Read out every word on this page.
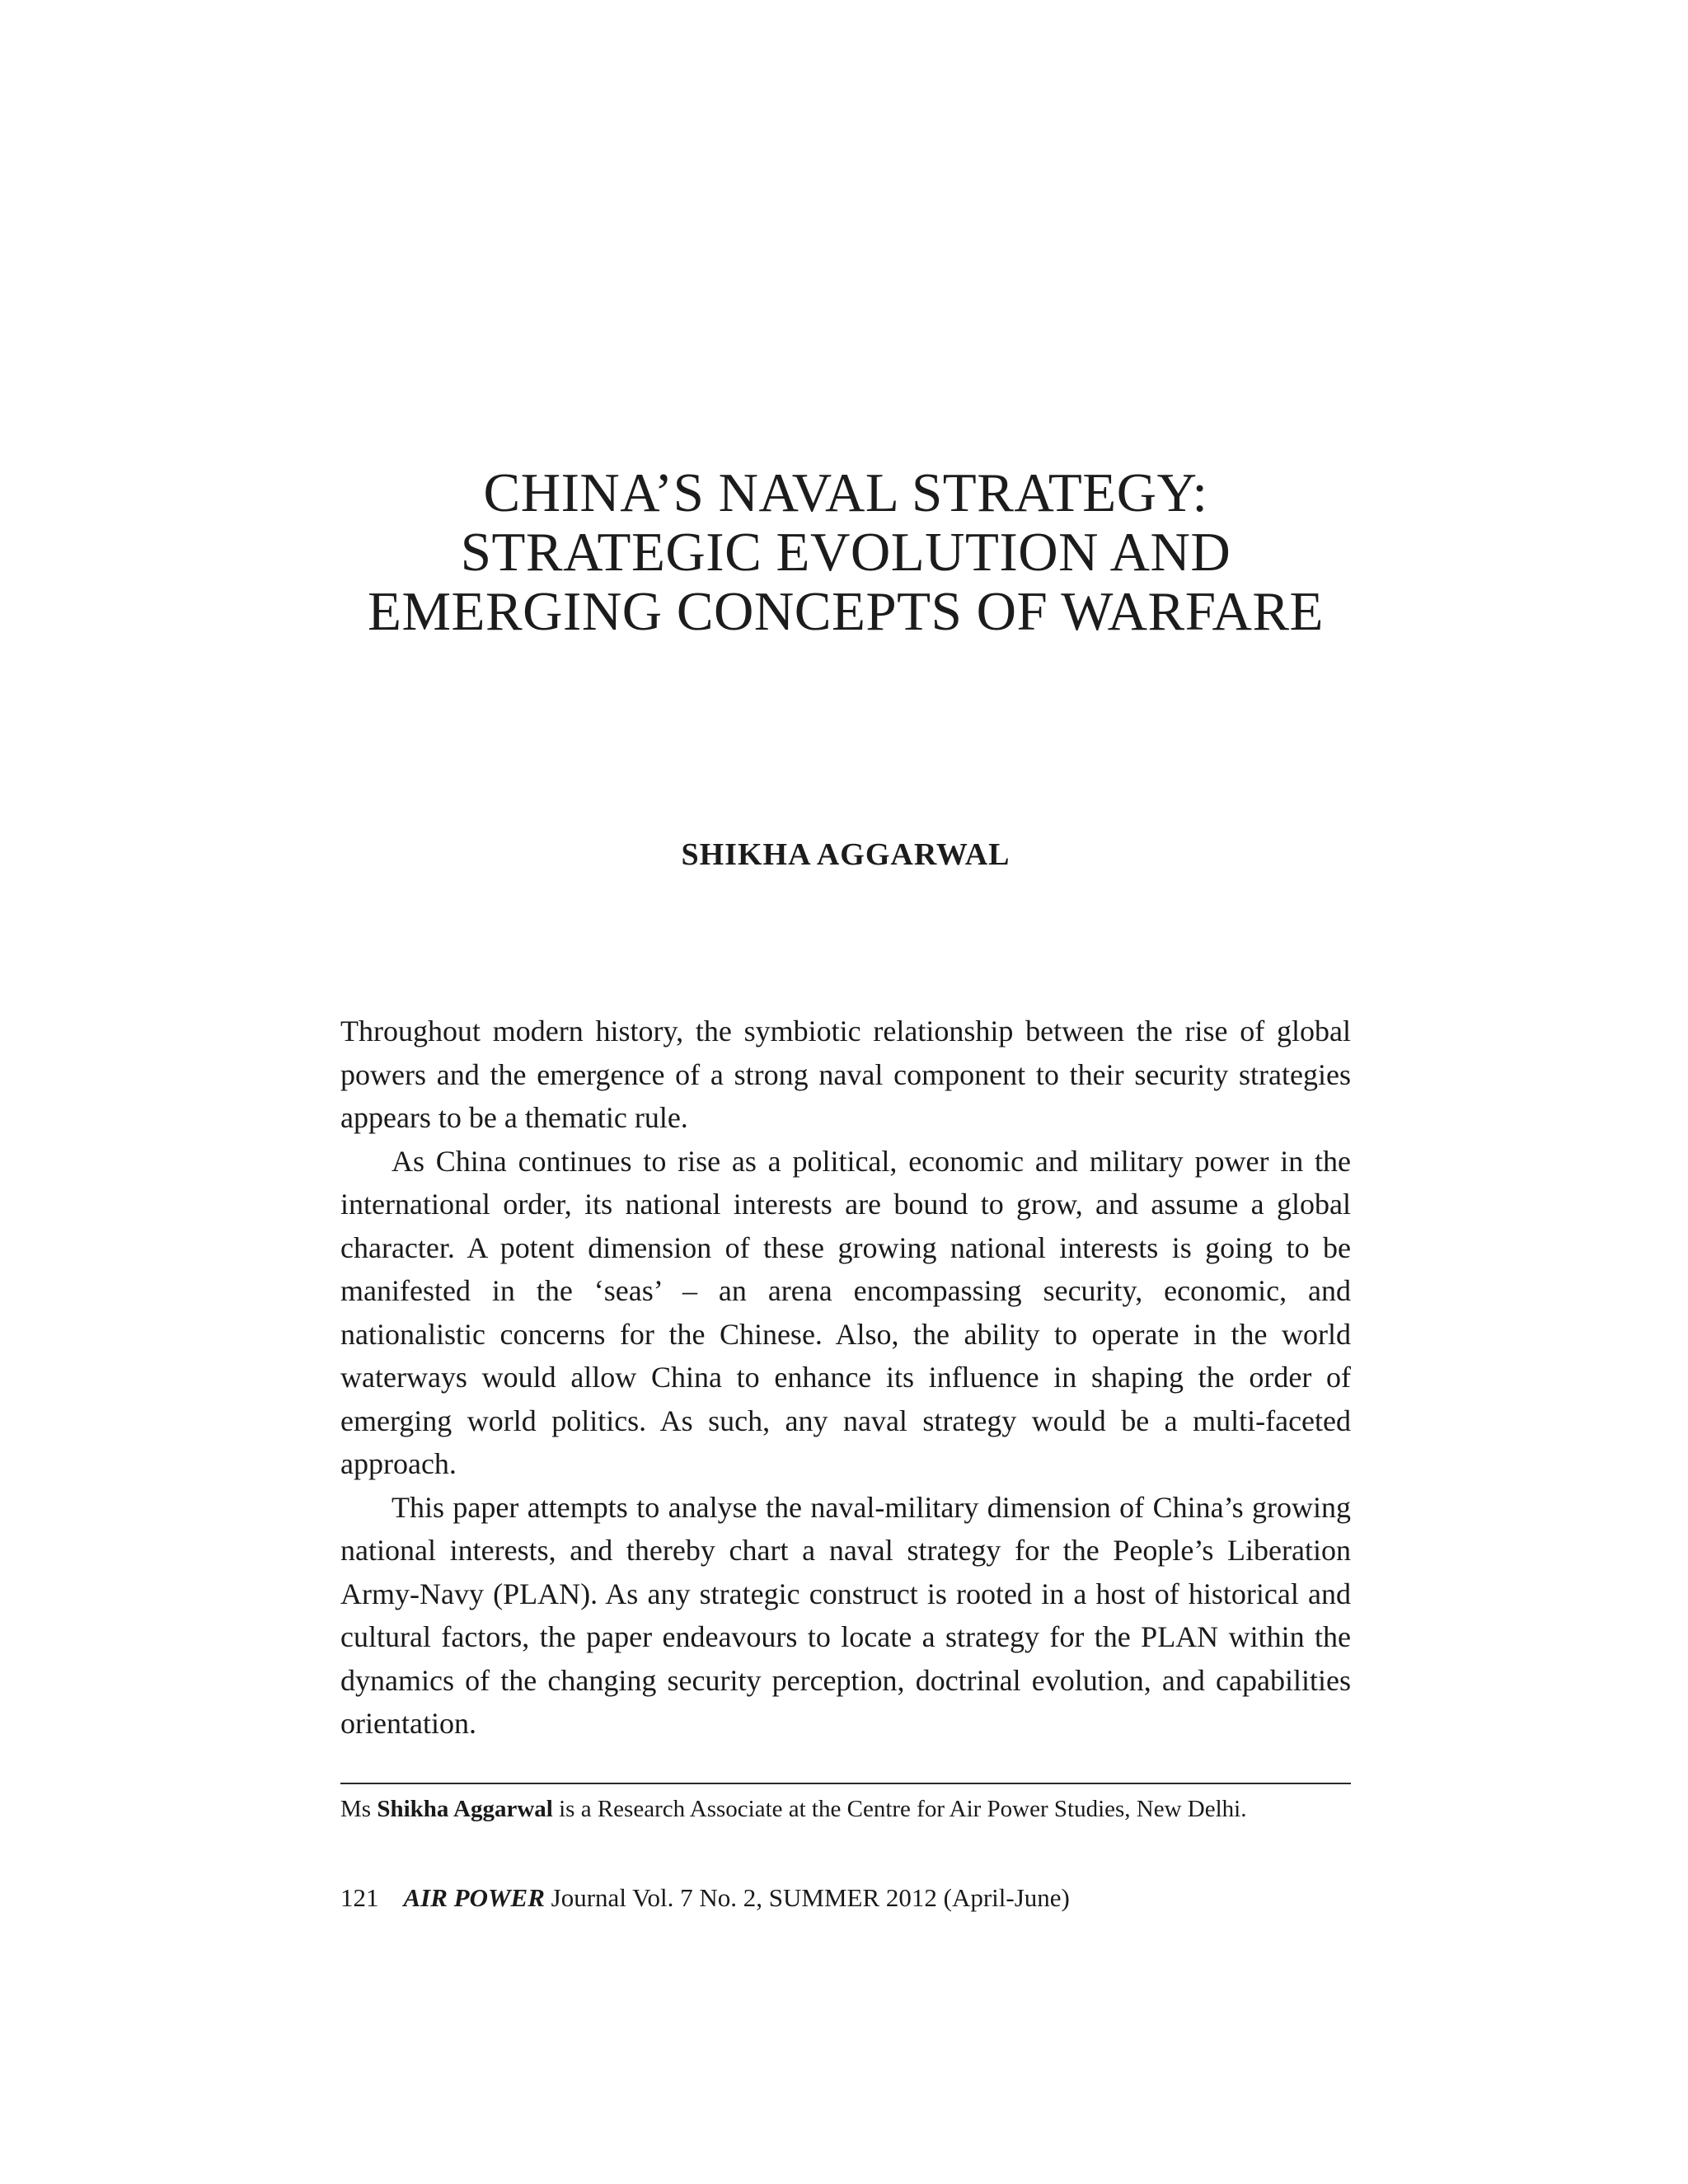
CHINA’S NAVAL STRATEGY:
STRATEGIC EVOLUTION AND
EMERGING CONCEPTS OF WARFARE
SHIKHA AGGARWAL

Throughout modern history, the symbiotic relationship between the rise of global powers and the emergence of a strong naval component to their security strategies appears to be a thematic rule.

As China continues to rise as a political, economic and military power in the international order, its national interests are bound to grow, and assume a global character. A potent dimension of these growing national interests is going to be manifested in the ‘seas’ – an arena encompassing security, economic, and nationalistic concerns for the Chinese. Also, the ability to operate in the world waterways would allow China to enhance its influence in shaping the order of emerging world politics. As such, any naval strategy would be a multi-faceted approach.

This paper attempts to analyse the naval-military dimension of China’s growing national interests, and thereby chart a naval strategy for the People’s Liberation Army-Navy (PLAN). As any strategic construct is rooted in a host of historical and cultural factors, the paper endeavours to locate a strategy for the PLAN within the dynamics of the changing security perception, doctrinal evolution, and capabilities orientation.

Ms Shikha Aggarwal is a Research Associate at the Centre for Air Power Studies, New Delhi.
121 AIR POWER Journal Vol. 7 No. 2, SUMMER 2012 (April-June)
